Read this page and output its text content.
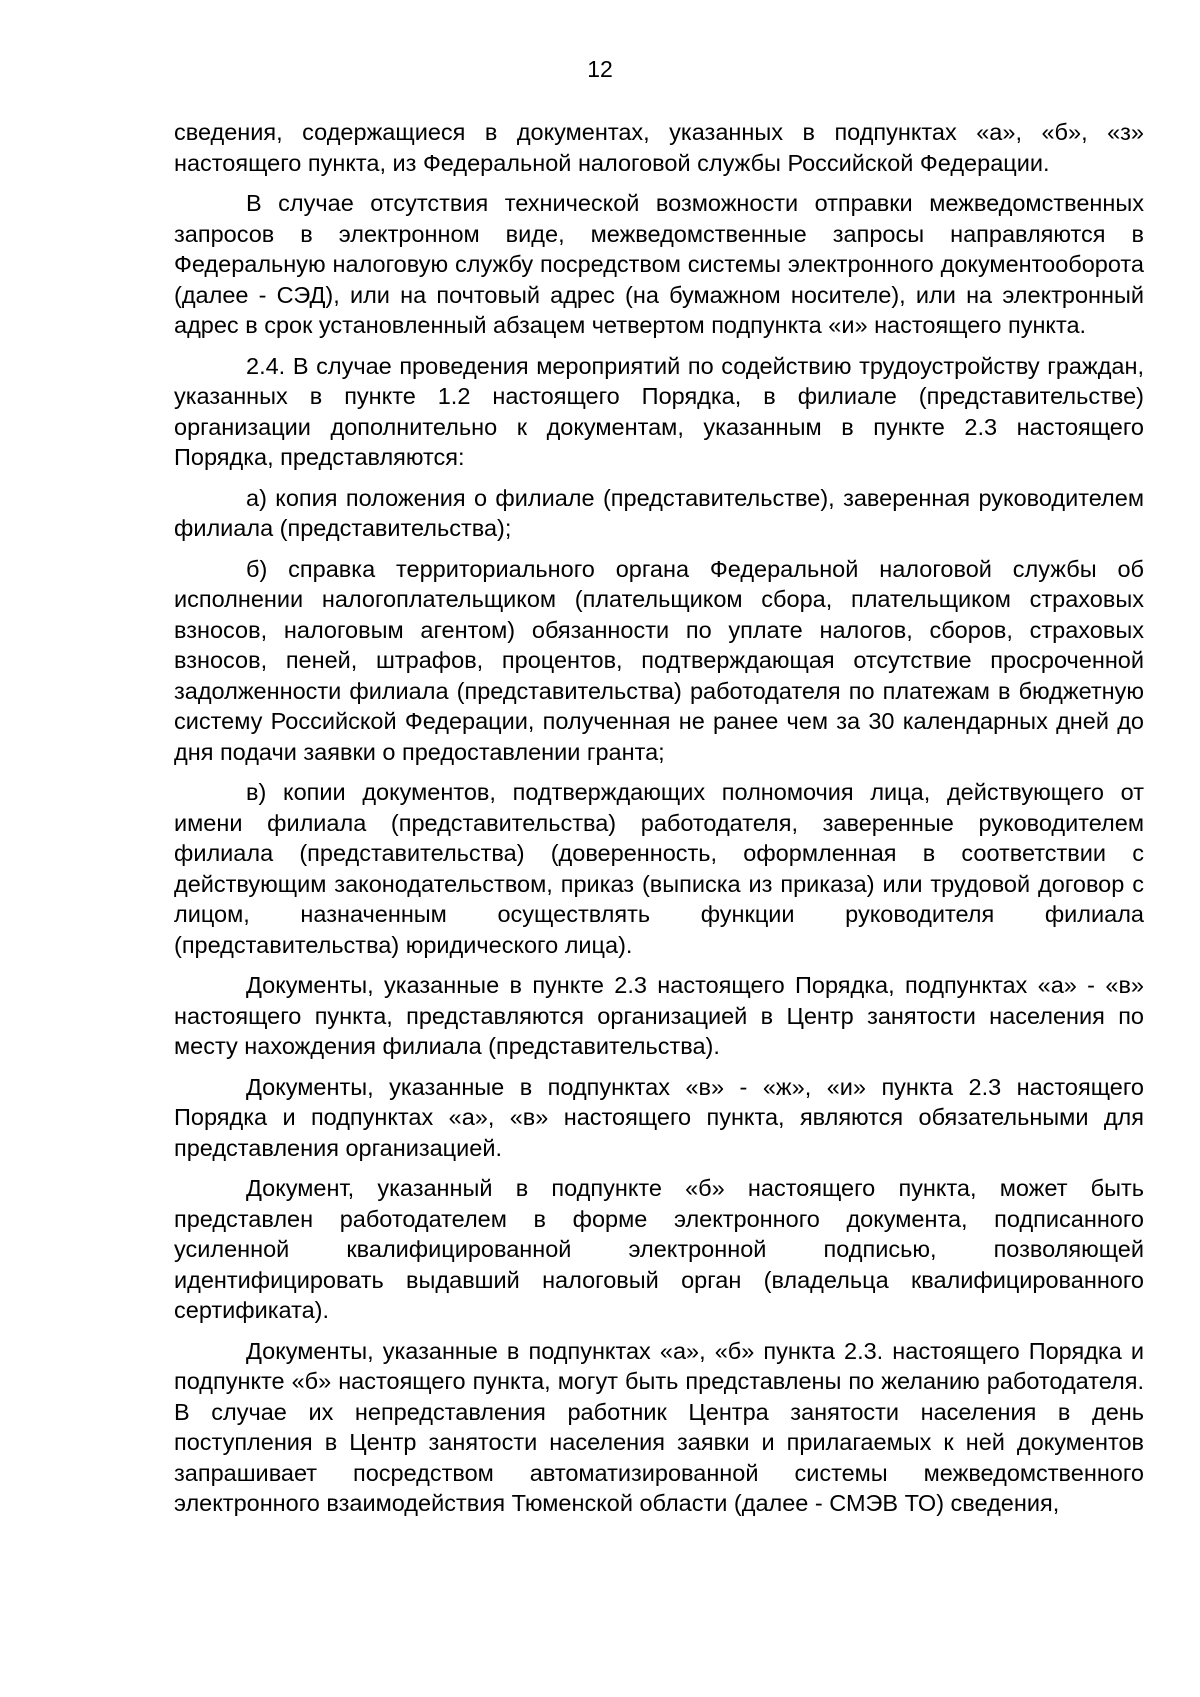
12

сведения, содержащиеся в документах, указанных в подпунктах «а», «б», «з» настоящего пункта, из Федеральной налоговой службы Российской Федерации.

В случае отсутствия технической возможности отправки межведомственных запросов в электронном виде, межведомственные запросы направляются в Федеральную налоговую службу посредством системы электронного документооборота (далее - СЭД), или на почтовый адрес (на бумажном носителе), или на электронный адрес в срок установленный абзацем четвертом подпункта «и» настоящего пункта.

2.4. В случае проведения мероприятий по содействию трудоустройству граждан, указанных в пункте 1.2 настоящего Порядка, в филиале (представительстве) организации дополнительно к документам, указанным в пункте 2.3 настоящего Порядка, представляются:

а) копия положения о филиале (представительстве), заверенная руководителем филиала (представительства);

б) справка территориального органа Федеральной налоговой службы об исполнении налогоплательщиком (плательщиком сбора, плательщиком страховых взносов, налоговым агентом) обязанности по уплате налогов, сборов, страховых взносов, пеней, штрафов, процентов, подтверждающая отсутствие просроченной задолженности филиала (представительства) работодателя по платежам в бюджетную систему Российской Федерации, полученная не ранее чем за 30 календарных дней до дня подачи заявки о предоставлении гранта;

в) копии документов, подтверждающих полномочия лица, действующего от имени филиала (представительства) работодателя, заверенные руководителем филиала (представительства) (доверенность, оформленная в соответствии с действующим законодательством, приказ (выписка из приказа) или трудовой договор с лицом, назначенным осуществлять функции руководителя филиала (представительства) юридического лица).

Документы, указанные в пункте 2.3 настоящего Порядка, подпунктах «а» - «в» настоящего пункта, представляются организацией в Центр занятости населения по месту нахождения филиала (представительства).

Документы, указанные в подпунктах «в» - «ж», «и» пункта 2.3 настоящего Порядка и подпунктах «а», «в» настоящего пункта, являются обязательными для представления организацией.

Документ, указанный в подпункте «б» настоящего пункта, может быть представлен работодателем в форме электронного документа, подписанного усиленной квалифицированной электронной подписью, позволяющей идентифицировать выдавший налоговый орган (владельца квалифицированного сертификата).

Документы, указанные в подпунктах «а», «б» пункта 2.3. настоящего Порядка и подпункте «б» настоящего пункта, могут быть представлены по желанию работодателя. В случае их непредставления работник Центра занятости населения в день поступления в Центр занятости населения заявки и прилагаемых к ней документов запрашивает посредством автоматизированной системы межведомственного электронного взаимодействия Тюменской области (далее - СМЭВ ТО) сведения,
